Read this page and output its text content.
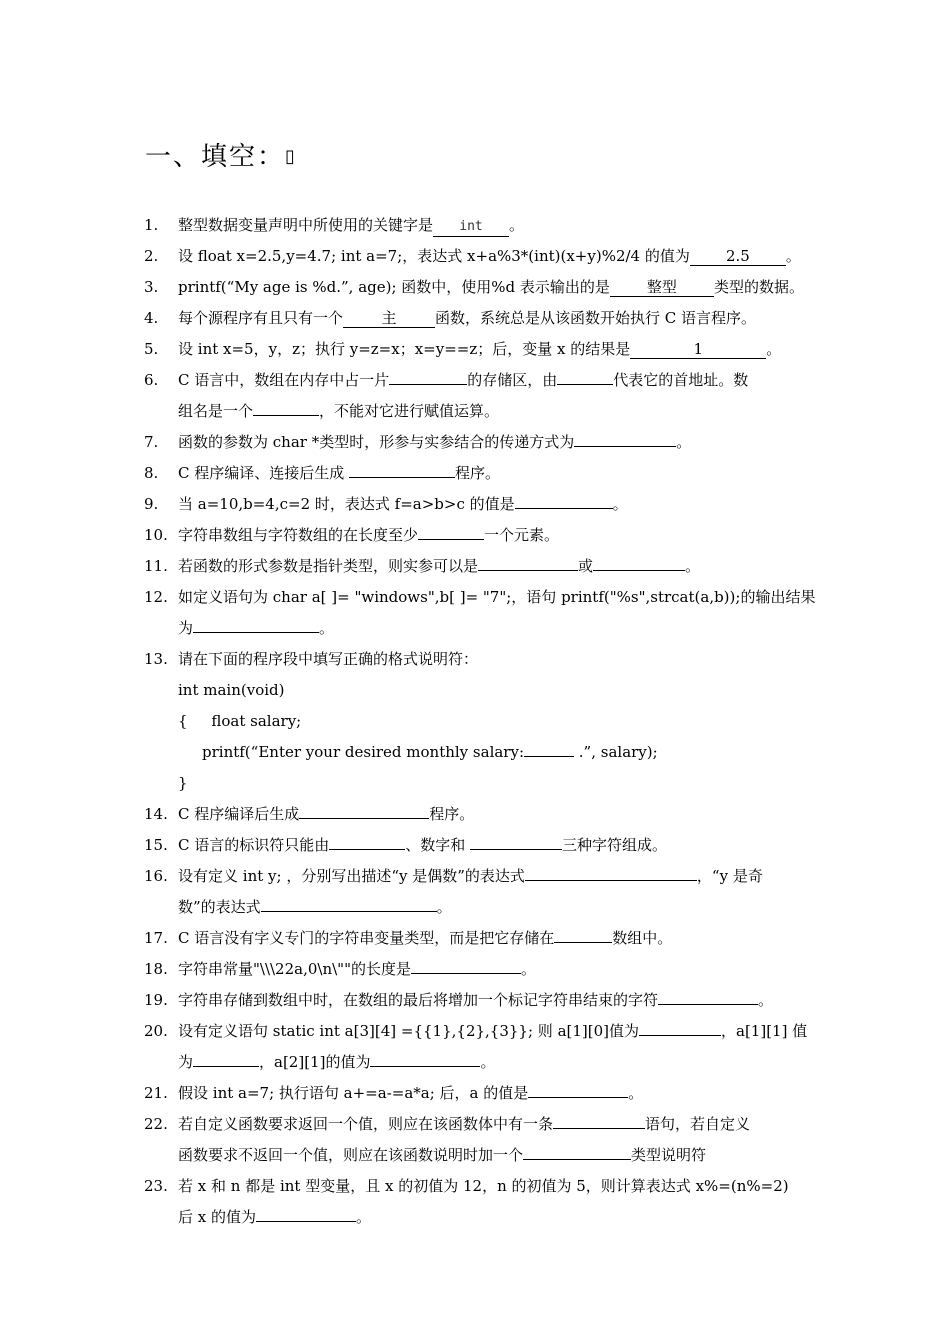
一、填空：▯
1.	整型数据变量声明中所使用的关键字是 int 。
2.	设 float x=2.5,y=4.7; int a=7;，表达式 x+a%3*(int)(x+y)%2/4 的值为 2.5 。
3.	printf(“My age is %d.”, age); 函数中，使用%d 表示输出的是 整型 类型的数据。
4.	每个源程序有且只有一个	主	函数，系统总是从该函数开始执行 C 语言程序。
5.	设 int x=5，y，z；执行 y=z=x；x=y==z；后，变量 x 的结果是	1	。
6.	C 语言中，数组在内存中占一片	的存储区，由	代表它的首地址。数
组名是一个	，不能对它进行赋值运算。
7.	函数的参数为 char *类型时，形参与实参结合的传递方式为	。
8.	C 程序编译、连接后生成	程序。
9.	当 a=10,b=4,c=2 时，表达式 f=a>b>c 的值是	。
10. 字符串数组与字符数组的在长度至少	一个元素。
11. 若函数的形式参数是指针类型，则实参可以是	或	。
12. 如定义语句为 char a[ ]= "windows",b[ ]= "7";，语句 printf("%s",strcat(a,b));的输出结果
为	。
13. 请在下面的程序段中填写正确的格式说明符：
int main(void)
{     float salary;
printf(“Enter your desired monthly salary:	.”, salary);
}
14. C 程序编译后生成	程序。
15. C 语言的标识符只能由	、数字和	三种字符组成。
16. 设有定义 int y; ，分别写出描述“y 是偶数”的表达式	，“y 是奇
数”的表达式	。
17. C 语言没有字义专门的字符串变量类型，而是把它存储在	数组中。
18. 字符串常量"\\\22a,0\n\""的长度是	。
19. 字符串存储到数组中时，在数组的最后将增加一个标记字符串结束的字符	。
20. 设有定义语句 static int a[3][4] ={{1},{2},{3}}; 则 a[1][0]值为	，a[1][1] 值
为	，a[2][1]的值为	。
21. 假设 int a=7; 执行语句 a+=a-=a*a; 后，a 的值是	。
22. 若自定义函数要求返回一个值，则应在该函数体中有一条	语句，若自定义
函数要求不返回一个值，则应在该函数说明时加一个	类型说明符
23. 若 x 和 n 都是 int 型变量，且 x 的初值为 12，n 的初值为 5，则计算表达式 x%=(n%=2)
后 x 的值为	。
